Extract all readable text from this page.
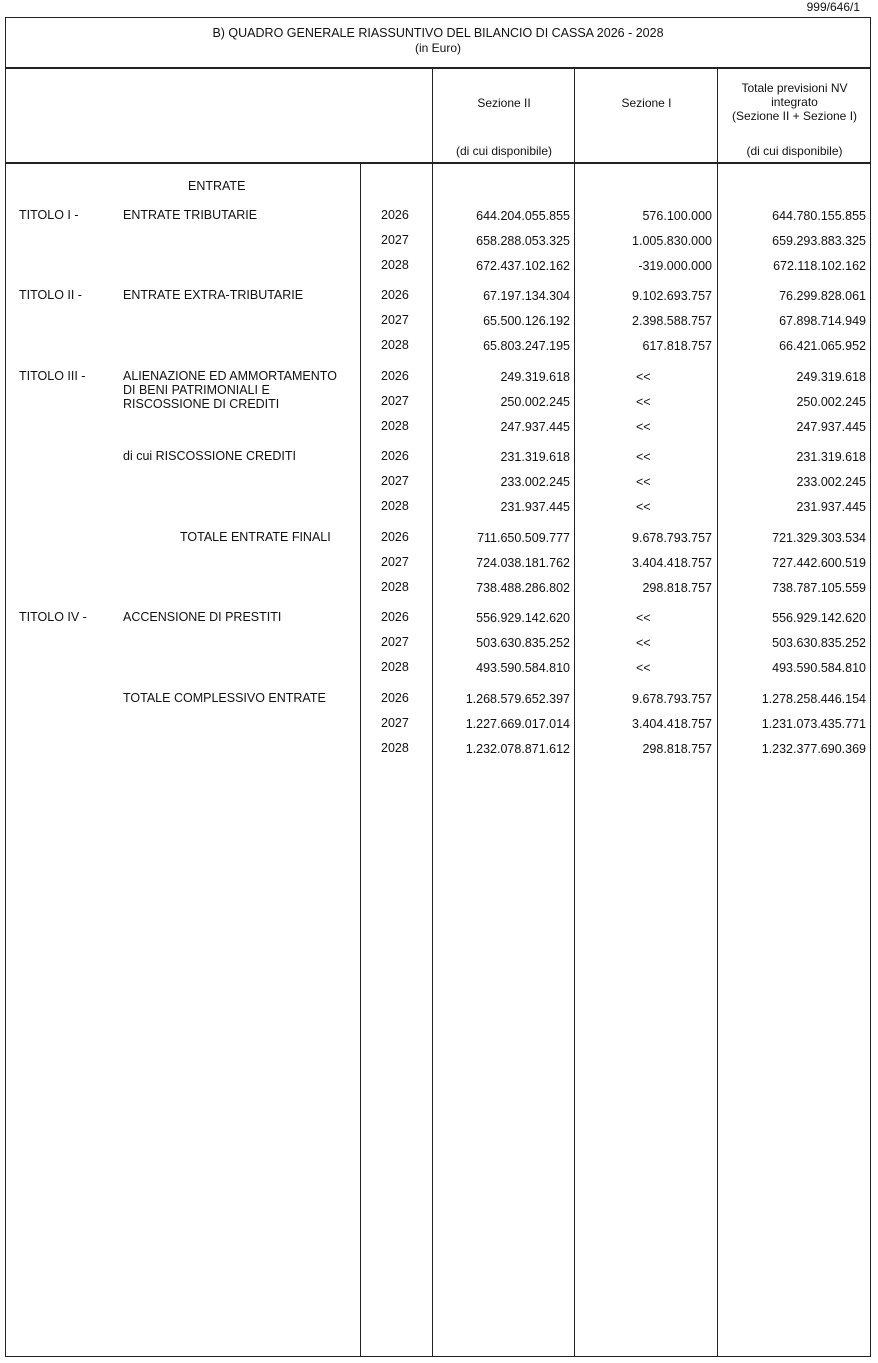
999/646/1
B) QUADRO GENERALE RIASSUNTIVO DEL BILANCIO DI CASSA 2026 - 2028
(in Euro)
Sezione II
(di cui disponibile)
Sezione I
Totale previsioni NV
integrato
(Sezione II + Sezione I)
(di cui disponibile)
ENTRATE
TITOLO I -	ENTRATE TRIBUTARIE	2026	644.204.055.855	576.100.000	644.780.155.855
2027	658.288.053.325	1.005.830.000	659.293.883.325
2028	672.437.102.162	-319.000.000	672.118.102.162
TITOLO II -	ENTRATE EXTRA-TRIBUTARIE	2026	67.197.134.304	9.102.693.757	76.299.828.061
2027	65.500.126.192	2.398.588.757	67.898.714.949
2028	65.803.247.195	617.818.757	66.421.065.952
TITOLO III -	ALIENAZIONE ED AMMORTAMENTO
DI BENI PATRIMONIALI E
RISCOSSIONE DI CREDITI
2026	249.319.618	<<	249.319.618
2027	250.002.245	<<	250.002.245
2028	247.937.445	<<	247.937.445
di cui RISCOSSIONE CREDITI	2026	231.319.618	<<	231.319.618
2027	233.002.245	<<	233.002.245
2028	231.937.445	<<	231.937.445
TOTALE ENTRATE FINALI	2026	711.650.509.777	9.678.793.757	721.329.303.534
2027	724.038.181.762	3.404.418.757	727.442.600.519
2028	738.488.286.802	298.818.757	738.787.105.559
TITOLO IV -	ACCENSIONE DI PRESTITI	2026	556.929.142.620	<<	556.929.142.620
2027	503.630.835.252	<<	503.630.835.252
2028	493.590.584.810	<<	493.590.584.810
TOTALE COMPLESSIVO ENTRATE	2026	1.268.579.652.397	9.678.793.757	1.278.258.446.154
2027	1.227.669.017.014	3.404.418.757	1.231.073.435.771
2028	1.232.078.871.612	298.818.757	1.232.377.690.369
